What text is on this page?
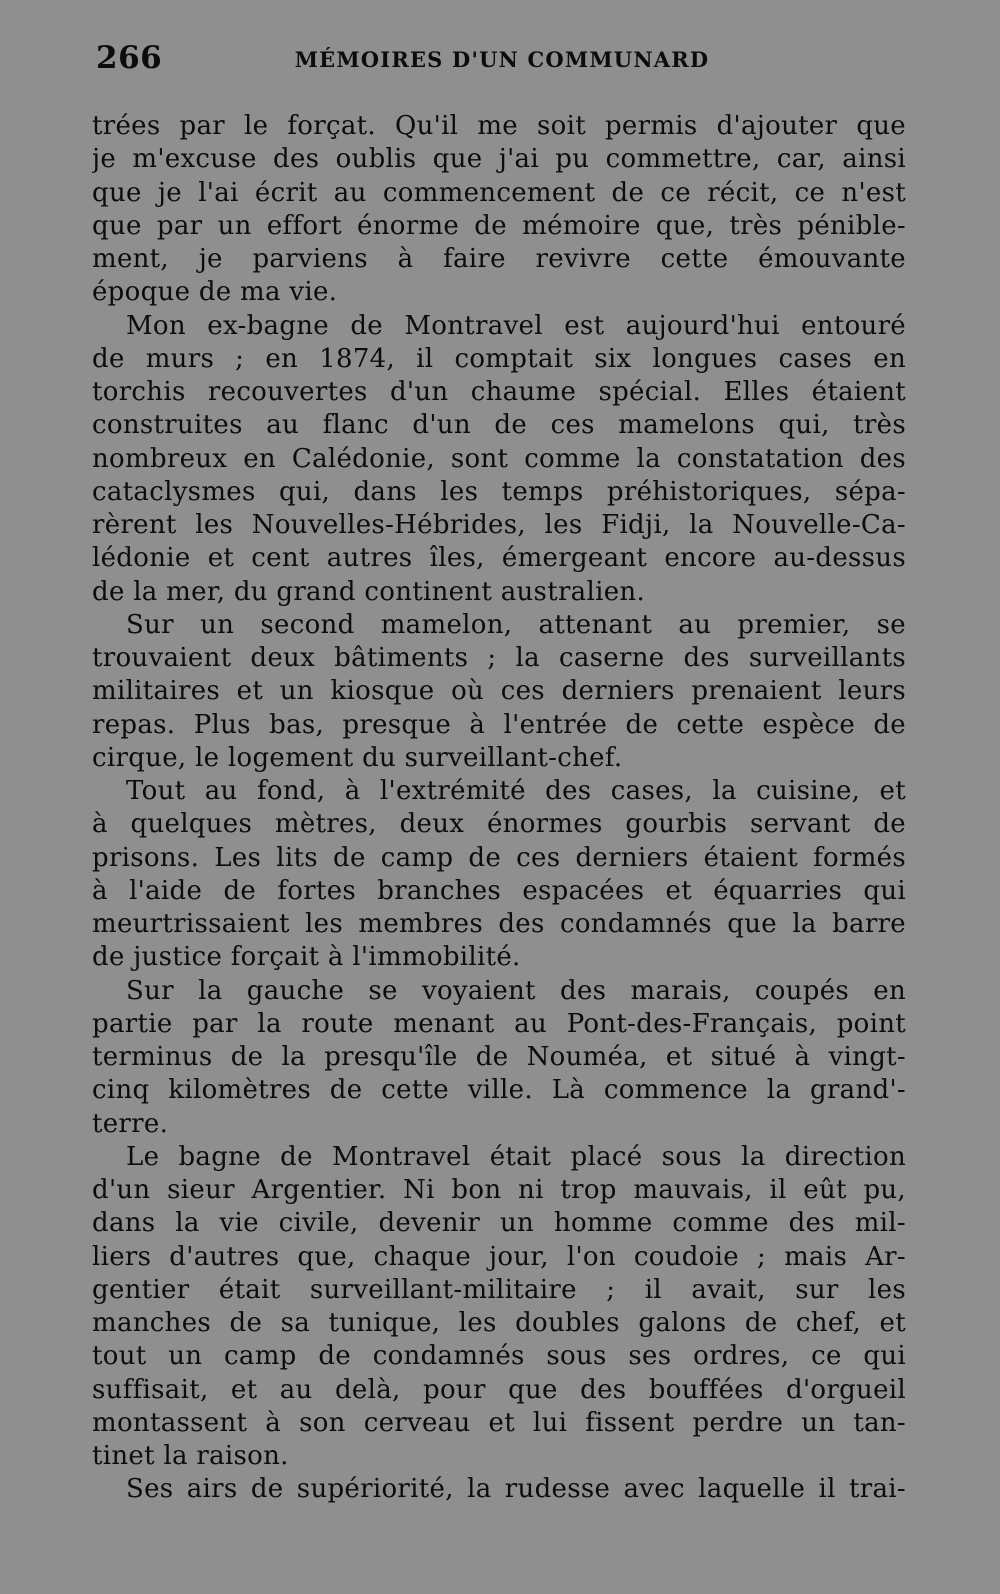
266	MÉMOIRES D'UN COMMUNARD
trées par le forçat. Qu'il me soit permis d'ajouter que
je m'excuse des oublis que j'ai pu commettre, car, ainsi
que je l'ai écrit au commencement de ce récit, ce n'est
que par un effort énorme de mémoire que, très pénible-
ment, je parviens à faire revivre cette émouvante
époque de ma vie.
Mon ex-bagne de Montravel est aujourd'hui entouré
de murs ; en 1874, il comptait six longues cases en
torchis recouvertes d'un chaume spécial. Elles étaient
construites au flanc d'un de ces mamelons qui, très
nombreux en Calédonie, sont comme la constatation des
cataclysmes qui, dans les temps préhistoriques, sépa-
rèrent les Nouvelles-Hébrides, les Fidji, la Nouvelle-Ca-
lédonie et cent autres îles, émergeant encore au-dessus
de la mer, du grand continent australien.
Sur un second mamelon, attenant au premier, se
trouvaient deux bâtiments ; la caserne des surveillants
militaires et un kiosque où ces derniers prenaient leurs
repas. Plus bas, presque à l'entrée de cette espèce de
cirque, le logement du surveillant-chef.
Tout au fond, à l'extrémité des cases, la cuisine, et
à quelques mètres, deux énormes gourbis servant de
prisons. Les lits de camp de ces derniers étaient formés
à l'aide de fortes branches espacées et équarries qui
meurtrissaient les membres des condamnés que la barre
de justice forçait à l'immobilité.
Sur la gauche se voyaient des marais, coupés en
partie par la route menant au Pont-des-Français, point
terminus de la presqu'île de Nouméa, et situé à vingt-
cinq kilomètres de cette ville. Là commence la grand'-
terre.
Le bagne de Montravel était placé sous la direction
d'un sieur Argentier. Ni bon ni trop mauvais, il eût pu,
dans la vie civile, devenir un homme comme des mil-
liers d'autres que, chaque jour, l'on coudoie ; mais Ar-
gentier était surveillant-militaire ; il avait, sur les
manches de sa tunique, les doubles galons de chef, et
tout un camp de condamnés sous ses ordres, ce qui
suffisait, et au delà, pour que des bouffées d'orgueil
montassent à son cerveau et lui fissent perdre un tan-
tinet la raison.
Ses airs de supériorité, la rudesse avec laquelle il trai-
